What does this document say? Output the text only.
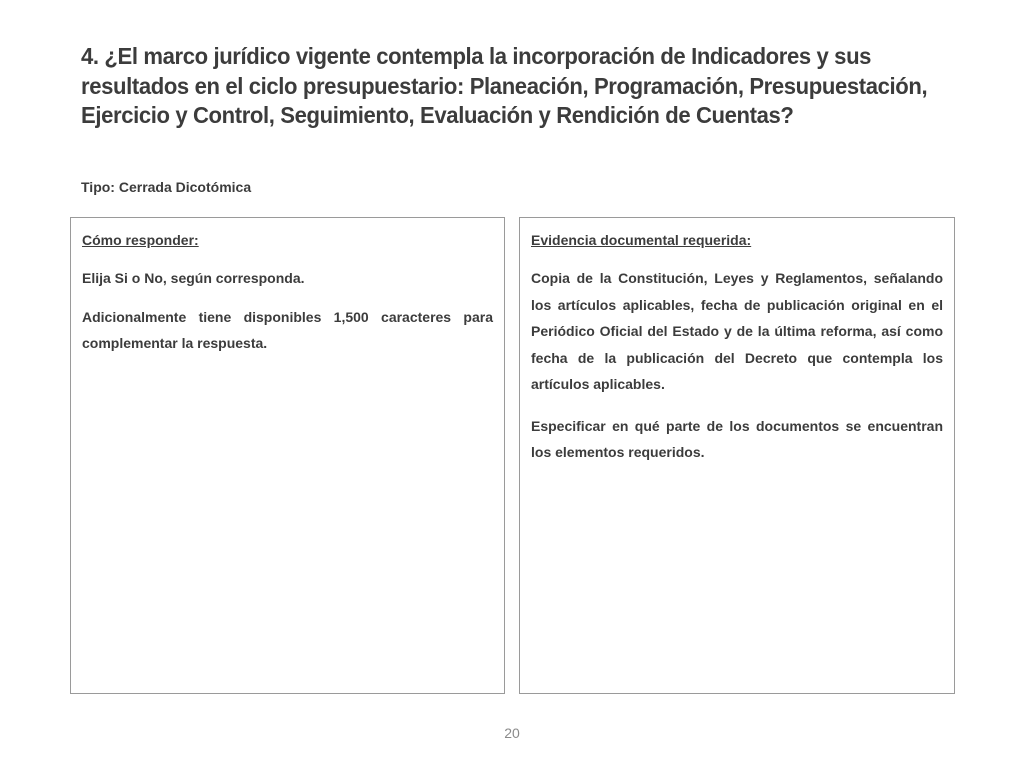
4. ¿El marco jurídico vigente contempla la incorporación de Indicadores y sus resultados en el ciclo presupuestario: Planeación, Programación, Presupuestación, Ejercicio y Control, Seguimiento, Evaluación y Rendición de Cuentas?
Tipo: Cerrada Dicotómica
Cómo responder:

Elija Si o No, según corresponda.

Adicionalmente tiene disponibles 1,500 caracteres para complementar la respuesta.

Evidencia documental requerida:

Copia de la Constitución, Leyes y Reglamentos, señalando los artículos aplicables, fecha de publicación original en el Periódico Oficial del Estado y de la última reforma, así como fecha de la publicación del Decreto que contempla los artículos aplicables.

Especificar en qué parte de los documentos se encuentran los elementos requeridos.

20
